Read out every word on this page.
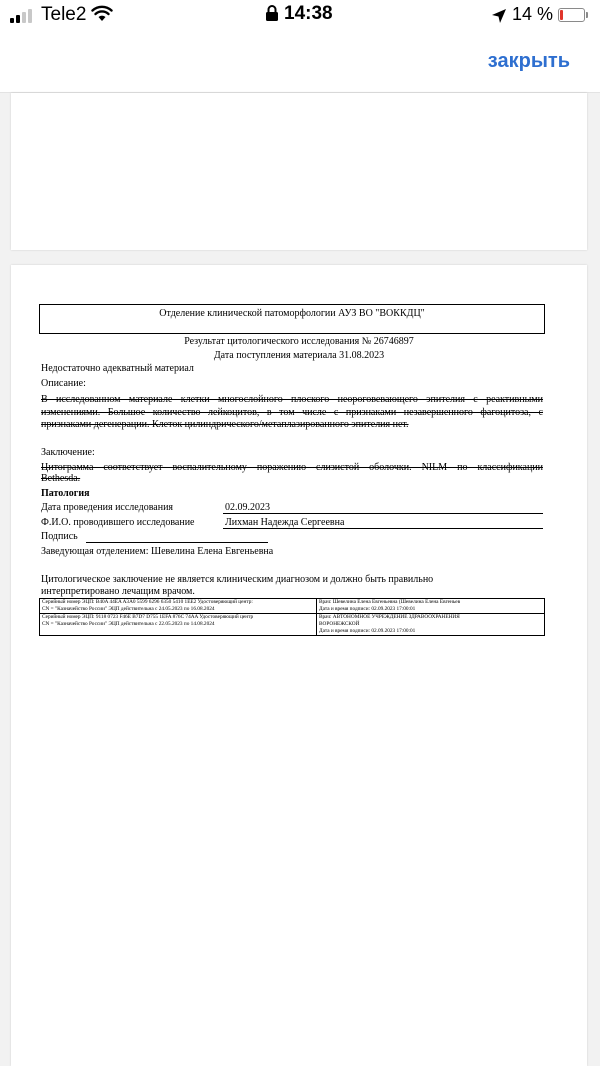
Tele2	14:38	14 %
закрыть
Отделение клинической патоморфологии АУЗ ВО "ВОККДЦ"
Результат цитологического исследования № 26746897
Дата поступления материала 31.08.2023
Недостаточно адекватный материал
Описание:
В исследованном материале клетки многослойного плоского неороговевающего эпителия с реактивными
изменениями. Большое количество лейкоцитов, в том числе с признаками незавершенного фагоцитоза, с
признаками дегенерации. Клеток цилиндрического/метаплазированного эпителия нет.
Заключение:
Цитограмма соответствует воспалительному поражению слизистой оболочки. NILM по классификации
Bethesda.
Патология
Дата проведения исследования	02.09.2023
Ф.И.О. проводившего исследование	Лихман Надежда Сергеевна
Подпись
Заведующая отделением: Шевелина Елена Евгеньевна
Цитологическое заключение не является клиническим диагнозом и должно быть правильно
интерпретировано лечащим врачом.
Серийный номер ЭЦП: B40A 44EA A3A0 5599 6296 6350 5410 1EE2 Удостоверяющий центр:
CN = "Казначейство России" ЭЦП действительна с 24.05.2023 по 16.08.2024
Врач: Шевелина Елена Евгеньевна (Шевелина Елена Евгеньев
Дата и время подписи: 02.09.2023 17:00:01
Серийный номер ЭЦП: 9118 0723 F46E B7D7 D755 1EFA 876C 74AA Удостоверяющий центр
CN = "Казначейство России" ЭЦП действительна с 22.05.2023 по 14.08.2024
Врач: АВТОНОМНОЕ УЧРЕЖДЕНИЕ ЗДРАВООХРАНЕНИЯ
ВОРОНЕЖСКОЙ
Дата и время подписи: 02.09.2023 17:00:01
